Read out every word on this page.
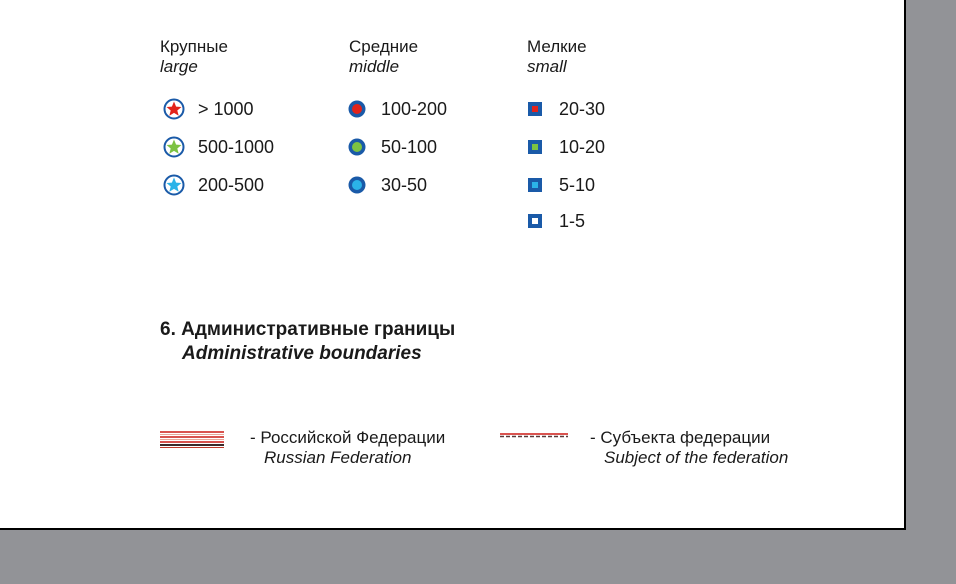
Крупные
large
Средние
middle
Мелкие
small
> 1000
500-1000
200-500
100-200
50-100
30-50
20-30
10-20
5-10
1-5
6. Административные границы
Administrative boundaries
- Российской Федерации
Russian Federation
- Субъекта федерации
Subject of the federation
